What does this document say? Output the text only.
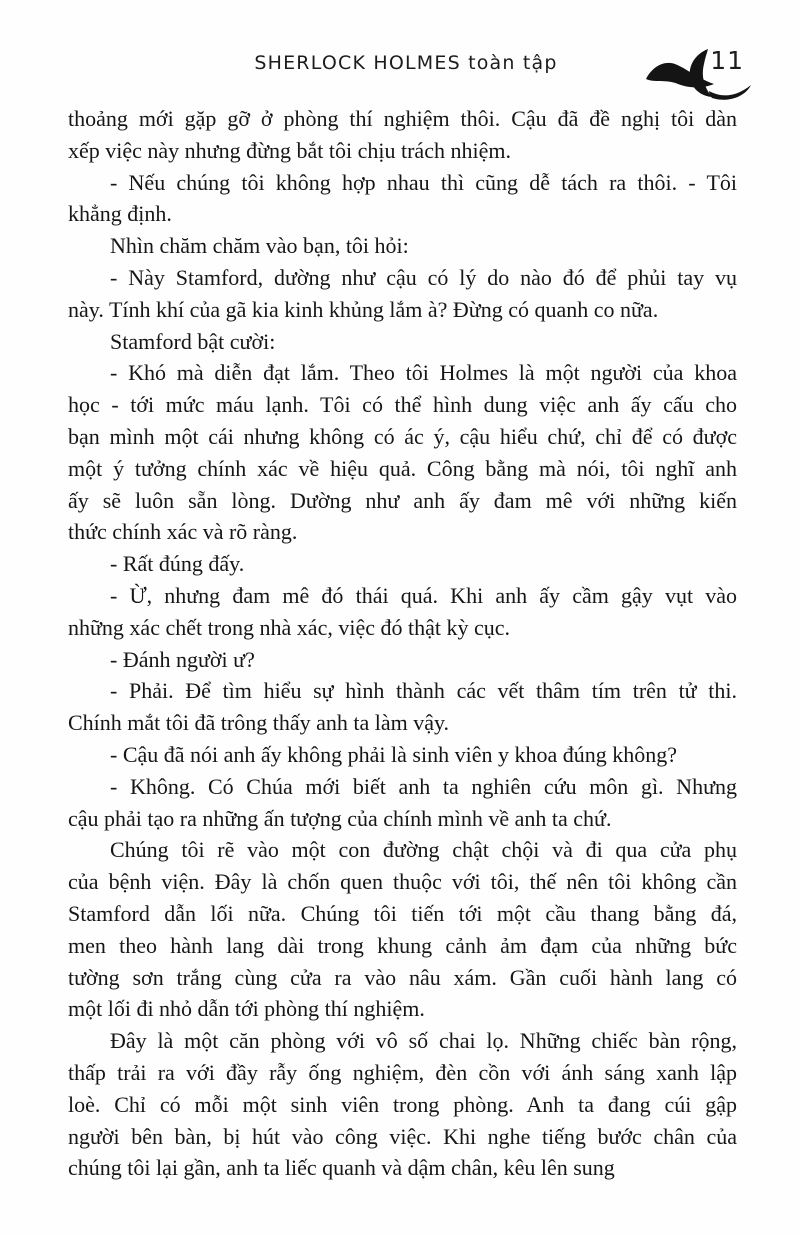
SHERLOCK HOLMES toàn tập	11
thoảng mới gặp gỡ ở phòng thí nghiệm thôi. Cậu đã đề nghị tôi dàn
xếp việc này nhưng đừng bắt tôi chịu trách nhiệm.
- Nếu chúng tôi không hợp nhau thì cũng dễ tách ra thôi. - Tôi
khẳng định.
Nhìn chăm chăm vào bạn, tôi hỏi:
- Này Stamford, dường như cậu có lý do nào đó để phủi tay vụ
này. Tính khí của gã kia kinh khủng lắm à? Đừng có quanh co nữa.
Stamford bật cười:
- Khó mà diễn đạt lắm. Theo tôi Holmes là một người của khoa
học - tới mức máu lạnh. Tôi có thể hình dung việc anh ấy cấu cho
bạn mình một cái nhưng không có ác ý, cậu hiểu chứ, chỉ để có được
một ý tưởng chính xác về hiệu quả. Công bằng mà nói, tôi nghĩ anh
ấy sẽ luôn sẵn lòng. Dường như anh ấy đam mê với những kiến
thức chính xác và rõ ràng.
- Rất đúng đấy.
- Ừ, nhưng đam mê đó thái quá. Khi anh ấy cầm gậy vụt vào
những xác chết trong nhà xác, việc đó thật kỳ cục.
- Đánh người ư?
- Phải. Để tìm hiểu sự hình thành các vết thâm tím trên tử thi.
Chính mắt tôi đã trông thấy anh ta làm vậy.
- Cậu đã nói anh ấy không phải là sinh viên y khoa đúng không?
- Không. Có Chúa mới biết anh ta nghiên cứu môn gì. Nhưng
cậu phải tạo ra những ấn tượng của chính mình về anh ta chứ.
Chúng tôi rẽ vào một con đường chật chội và đi qua cửa phụ
của bệnh viện. Đây là chốn quen thuộc với tôi, thế nên tôi không cần
Stamford dẫn lối nữa. Chúng tôi tiến tới một cầu thang bằng đá,
men theo hành lang dài trong khung cảnh ảm đạm của những bức
tường sơn trắng cùng cửa ra vào nâu xám. Gần cuối hành lang có
một lối đi nhỏ dẫn tới phòng thí nghiệm.
Đây là một căn phòng với vô số chai lọ. Những chiếc bàn rộng,
thấp trải ra với đầy rẫy ống nghiệm, đèn cồn với ánh sáng xanh lập
loè. Chỉ có mỗi một sinh viên trong phòng. Anh ta đang cúi gập
người bên bàn, bị hút vào công việc. Khi nghe tiếng bước chân của
chúng tôi lại gần, anh ta liếc quanh và dậm chân, kêu lên sung
